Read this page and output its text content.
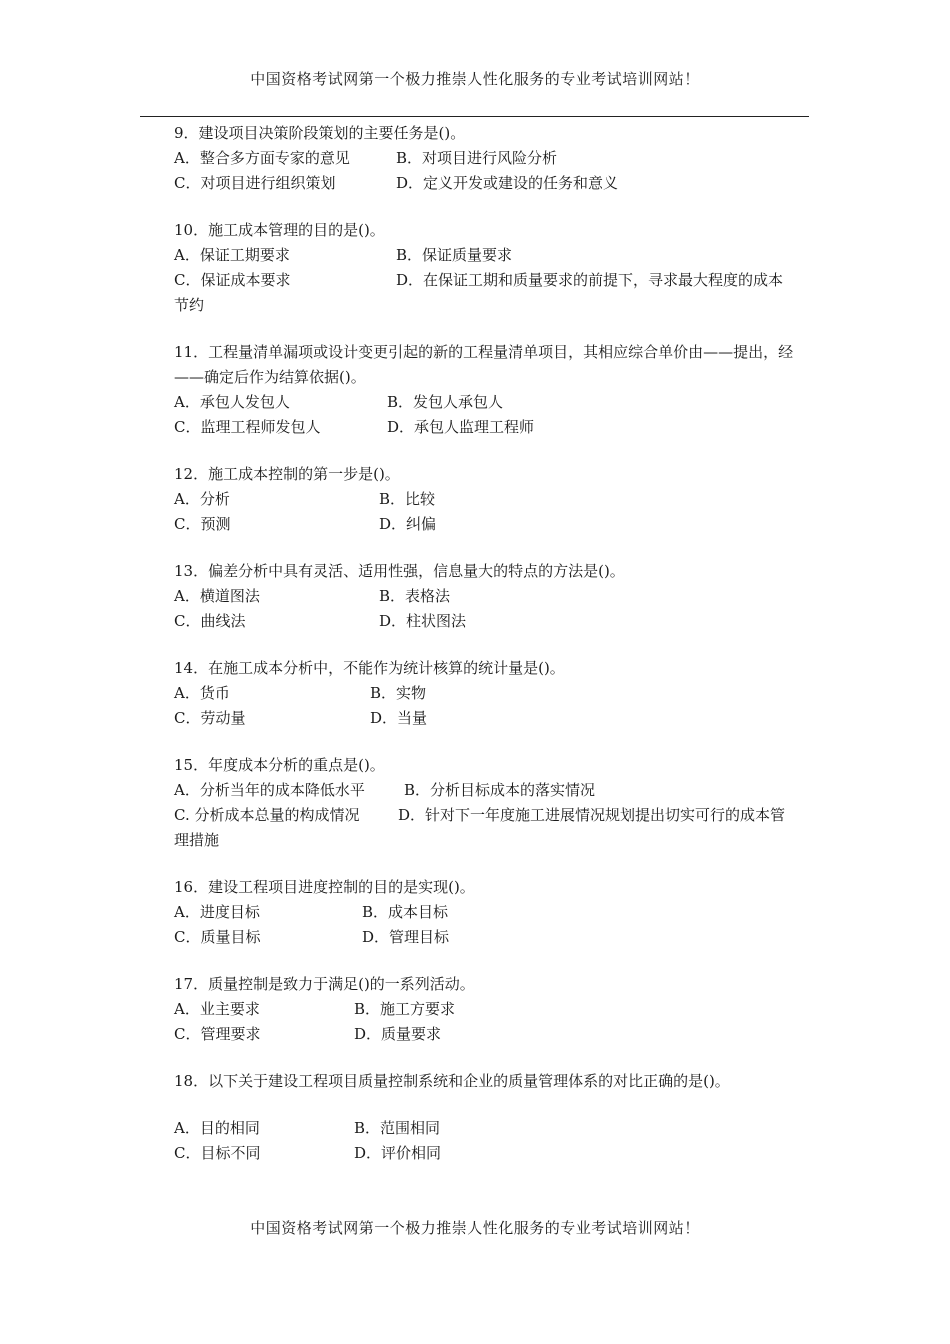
中国资格考试网第一个极力推崇人性化服务的专业考试培训网站！
9．建设项目决策阶段策划的主要任务是()。
A．整合多方面专家的意见	B．对项目进行风险分析
C．对项目进行组织策划	D．定义开发或建设的任务和意义
10．施工成本管理的目的是()。
A．保证工期要求	B．保证质量要求
C．保证成本要求	D．在保证工期和质量要求的前提下，寻求最大程度的成本节约
11．工程量清单漏项或设计变更引起的新的工程量清单项目，其相应综合单价由——提出，经——确定后作为结算依据()。
A．承包人发包人	B．发包人承包人
C．监理工程师发包人	D．承包人监理工程师
12．施工成本控制的第一步是()。
A．分析	B．比较
C．预测	D．纠偏
13．偏差分析中具有灵活、适用性强，信息量大的特点的方法是()。
A．横道图法	B．表格法
C．曲线法	D．柱状图法
14．在施工成本分析中，不能作为统计核算的统计量是()。
A．货币	B．实物
C．劳动量	D．当量
15．年度成本分析的重点是()。
A．分析当年的成本降低水平	B．分析目标成本的落实情况
C. 分析成本总量的构成情况	D．针对下一年度施工进展情况规划提出切实可行的成本管理措施
16．建设工程项目进度控制的目的是实现()。
A．进度目标	B．成本目标
C．质量目标	D．管理目标
17．质量控制是致力于满足()的一系列活动。
A．业主要求	B．施工方要求
C．管理要求	D．质量要求
18．以下关于建设工程项目质量控制系统和企业的质量管理体系的对比正确的是()。
A．目的相同	B．范围相同
C．目标不同	D．评价相同
中国资格考试网第一个极力推崇人性化服务的专业考试培训网站！
